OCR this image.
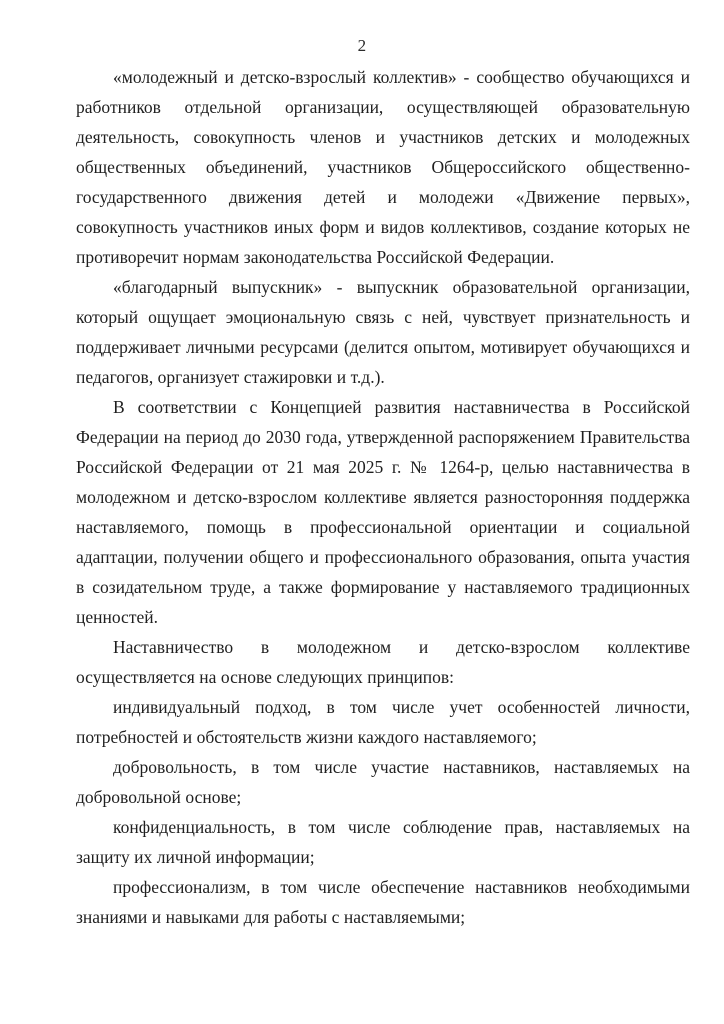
2

«молодежный и детско-взрослый коллектив» - сообщество обучающихся и работников отдельной организации, осуществляющей образовательную деятельность, совокупность членов и участников детских и молодежных общественных объединений, участников Общероссийского общественно-государственного движения детей и молодежи «Движение первых», совокупность участников иных форм и видов коллективов, создание которых не противоречит нормам законодательства Российской Федерации.

«благодарный выпускник» - выпускник образовательной организации, который ощущает эмоциональную связь с ней, чувствует признательность и поддерживает личными ресурсами (делится опытом, мотивирует обучающихся и педагогов, организует стажировки и т.д.).

В соответствии с Концепцией развития наставничества в Российской Федерации на период до 2030 года, утвержденной распоряжением Правительства Российской Федерации от 21 мая 2025 г. № 1264-р, целью наставничества в молодежном и детско-взрослом коллективе является разносторонняя поддержка наставляемого, помощь в профессиональной ориентации и социальной адаптации, получении общего и профессионального образования, опыта участия в созидательном труде, а также формирование у наставляемого традиционных ценностей.

Наставничество в молодежном и детско-взрослом коллективе осуществляется на основе следующих принципов:

индивидуальный подход, в том числе учет особенностей личности, потребностей и обстоятельств жизни каждого наставляемого;

добровольность, в том числе участие наставников, наставляемых на добровольной основе;

конфиденциальность, в том числе соблюдение прав, наставляемых на защиту их личной информации;

профессионализм, в том числе обеспечение наставников необходимыми знаниями и навыками для работы с наставляемыми;
